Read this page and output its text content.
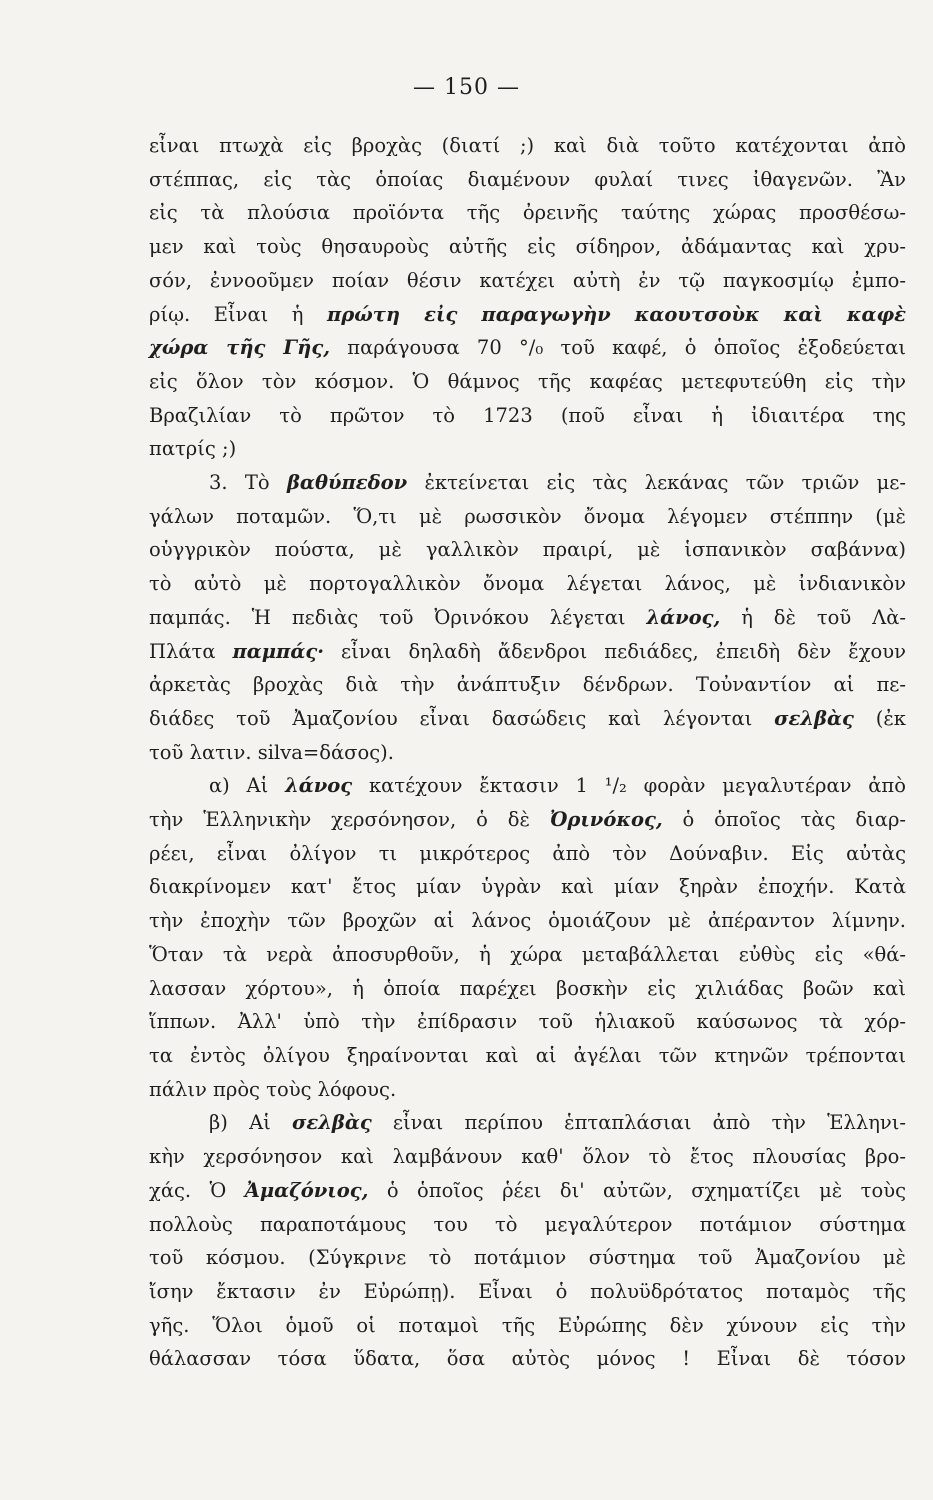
— 150 —
εἶναι πτωχὰ εἰς βροχὰς (διατί ;) καὶ διὰ τοῦτο κατέχονται ἀπὸ
στέππας, εἰς τὰς ὁποίας διαμένουν φυλαί τινες ἰθαγενῶν. Ἂν
εἰς τὰ πλούσια προϊόντα τῆς ὀρεινῆς ταύτης χώρας προσθέσω-
μεν καὶ τοὺς θησαυροὺς αὐτῆς εἰς σίδηρον, ἀδάμαντας καὶ χρυ-
σόν, ἐννοοῦμεν ποίαν θέσιν κατέχει αὐτὴ ἐν τῷ παγκοσμίῳ ἐμπο-
ρίῳ. Εἶναι ἡ πρώτη εἰς παραγωγὴν καουτσοὺκ καὶ καφὲ
χώρα τῆς Γῆς, παράγουσα 70 °/₀ τοῦ καφέ, ὁ ὁποῖος ἐξοδεύεται
εἰς ὅλον τὸν κόσμον. Ὁ θάμνος τῆς καφέας μετεφυτεύθη εἰς τὴν
Βραζιλίαν τὸ πρῶτον τὸ 1723 (ποῦ εἶναι ἡ ἰδιαιτέρα της
πατρίς ;)
3. Τὸ βαθύπεδον ἐκτείνεται εἰς τὰς λεκάνας τῶν τριῶν με-
γάλων ποταμῶν. Ὅ,τι μὲ ρωσσικὸν ὄνομα λέγομεν στέππην (μὲ
οὑγγρικὸν πούστα, μὲ γαλλικὸν πραιρί, μὲ ἱσπανικὸν σαβάννα)
τὸ αὐτὸ μὲ πορτογαλλικὸν ὄνομα λέγεται λάνος, μὲ ἰνδιανικὸν
παμπάς. Ἡ πεδιὰς τοῦ Ὀρινόκου λέγεται λάνος, ἡ δὲ τοῦ Λὰ-
Πλάτα παμπάς· εἶναι δηλαδὴ ἄδενδροι πεδιάδες, ἐπειδὴ δὲν ἔχουν
ἀρκετὰς βροχὰς διὰ τὴν ἀνάπτυξιν δένδρων. Τοὐναντίον αἱ πε-
διάδες τοῦ Ἀμαζονίου εἶναι δασώδεις καὶ λέγονται σελβὰς (ἐκ
τοῦ λατιν. silva=δάσος).
α) Αἱ λάνος κατέχουν ἔκτασιν 1 ¹/₂ φορὰν μεγαλυτέραν ἀπὸ
τὴν Ἑλληνικὴν χερσόνησον, ὁ δὲ Ὀρινόκος, ὁ ὁποῖος τὰς διαρ-
ρέει, εἶναι ὀλίγον τι μικρότερος ἀπὸ τὸν Δούναβιν. Εἰς αὐτὰς
διακρίνομεν κατ' ἔτος μίαν ὑγρὰν καὶ μίαν ξηρὰν ἐποχήν. Κατὰ
τὴν ἐποχὴν τῶν βροχῶν αἱ λάνος ὁμοιάζουν μὲ ἀπέραντον λίμνην.
Ὅταν τὰ νερὰ ἀποσυρθοῦν, ἡ χώρα μεταβάλλεται εὐθὺς εἰς «θά-
λασσαν χόρτου», ἡ ὁποία παρέχει βοσκὴν εἰς χιλιάδας βοῶν καὶ
ἵππων. Ἀλλ' ὑπὸ τὴν ἐπίδρασιν τοῦ ἡλιακοῦ καύσωνος τὰ χόρ-
τα ἐντὸς ὀλίγου ξηραίνονται καὶ αἱ ἀγέλαι τῶν κτηνῶν τρέπονται
πάλιν πρὸς τοὺς λόφους.
β) Αἱ σελβὰς εἶναι περίπου ἑπταπλάσιαι ἀπὸ τὴν Ἑλληνι-
κὴν χερσόνησον καὶ λαμβάνουν καθ' ὅλον τὸ ἔτος πλουσίας βρο-
χάς. Ὁ Ἀμαζόνιος, ὁ ὁποῖος ῥέει δι' αὐτῶν, σχηματίζει μὲ τοὺς
πολλοὺς παραποτάμους του τὸ μεγαλύτερον ποτάμιον σύστημα
τοῦ κόσμου. (Σύγκρινε τὸ ποτάμιον σύστημα τοῦ Ἀμαζονίου μὲ
ἴσην ἔκτασιν ἐν Εὐρώπῃ). Εἶναι ὁ πολυϋδρότατος ποταμὸς τῆς
γῆς. Ὅλοι ὁμοῦ οἱ ποταμοὶ τῆς Εὐρώπης δὲν χύνουν εἰς τὴν
θάλασσαν τόσα ὕδατα, ὅσα αὐτὸς μόνος ! Εἶναι δὲ τόσον
